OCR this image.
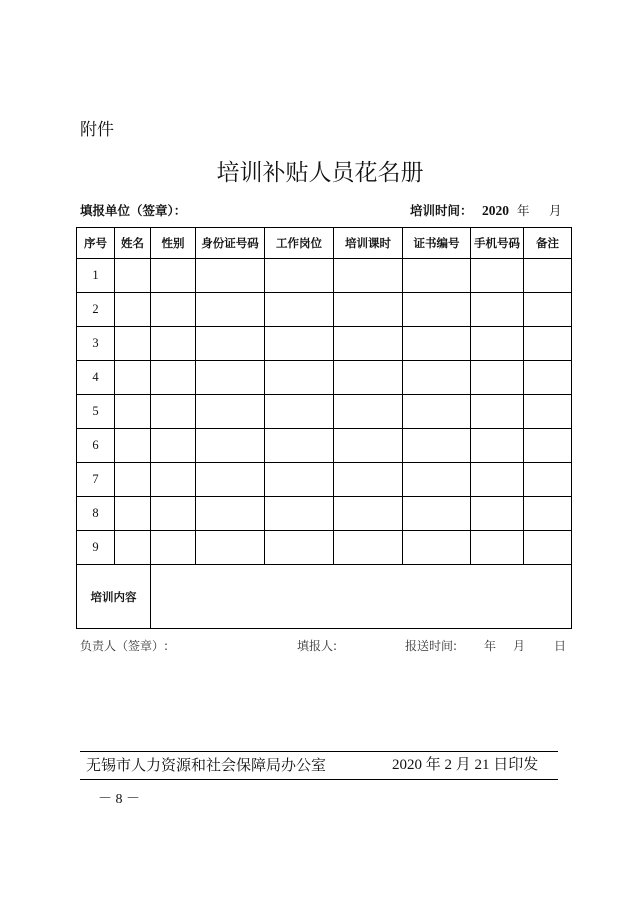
附件
培训补贴人员花名册
填报单位（签章）：	培训时间： 2020 年 月
序号	姓名	性别	身份证号码	工作岗位	培训课时	证书编号	手机号码	备注
1								
2								
3								
4								
5								
6								
7								
8								
9								
培训内容								
负责人（签章）:	填报人:	报送时间: 年 月 日
无锡市人力资源和社会保障局办公室	2020 年 2 月 21 日印发
－ 8 －
